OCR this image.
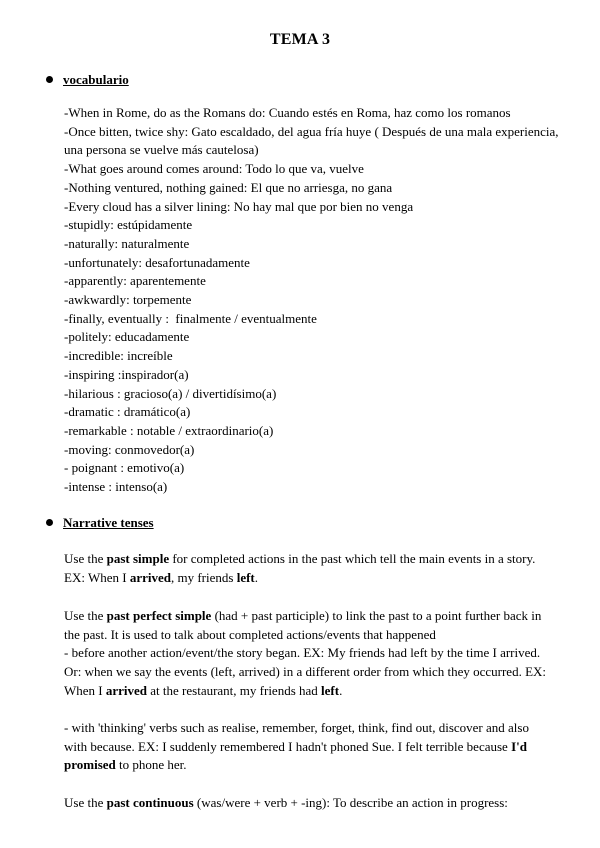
TEMA 3
vocabulario
-When in Rome, do as the Romans do: Cuando estés en Roma, haz como los romanos
-Once bitten, twice shy: Gato escaldado, del agua fría huye ( Después de una mala experiencia, una persona se vuelve más cautelosa)
-What goes around comes around: Todo lo que va, vuelve
-Nothing ventured, nothing gained: El que no arriesga, no gana
-Every cloud has a silver lining: No hay mal que por bien no venga
-stupidly: estúpidamente
-naturally: naturalmente
-unfortunately: desafortunadamente
-apparently: aparentemente
-awkwardly: torpemente
-finally, eventually :  finalmente / eventualmente
-politely: educadamente
-incredible: increíble
-inspiring :inspirador(a)
-hilarious : gracioso(a) / divertidísimo(a)
-dramatic : dramático(a)
-remarkable : notable / extraordinario(a)
-moving: conmovedor(a)
- poignant : emotivo(a)
-intense : intenso(a)
Narrative tenses
Use the past simple for completed actions in the past which tell the main events in a story. EX: When I arrived, my friends left.
Use the past perfect simple (had + past participle) to link the past to a point further back in the past. It is used to talk about completed actions/events that happened
- before another action/event/the story began. EX: My friends had left by the time I arrived. Or: when we say the events (left, arrived) in a different order from which they occurred. EX: When I arrived at the restaurant, my friends had left.
- with 'thinking' verbs such as realise, remember, forget, think, find out, discover and also with because. EX: I suddenly remembered I hadn't phoned Sue. I felt terrible because I'd promised to phone her.
Use the past continuous (was/were + verb + -ing): To describe an action in progress:
